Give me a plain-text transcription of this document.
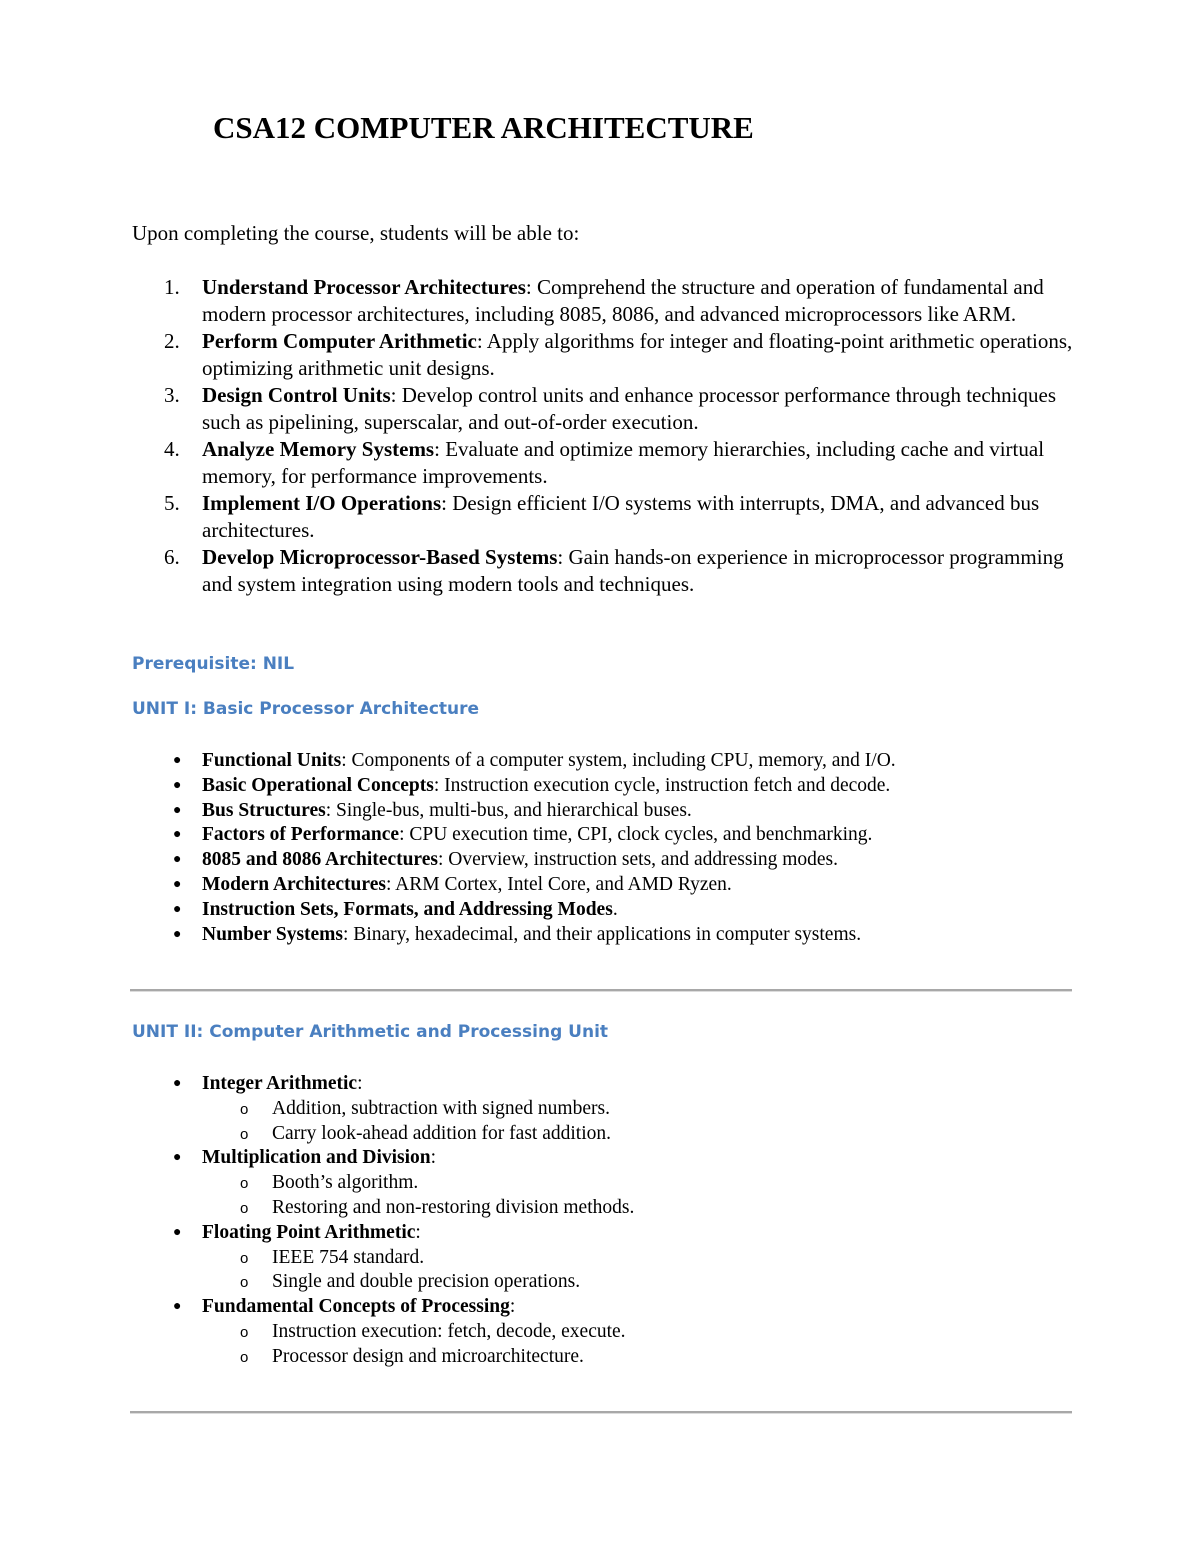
CSA12 COMPUTER ARCHITECTURE
Upon completing the course, students will be able to:
1. Understand Processor Architectures: Comprehend the structure and operation of fundamental and modern processor architectures, including 8085, 8086, and advanced microprocessors like ARM.
2. Perform Computer Arithmetic: Apply algorithms for integer and floating-point arithmetic operations, optimizing arithmetic unit designs.
3. Design Control Units: Develop control units and enhance processor performance through techniques such as pipelining, superscalar, and out-of-order execution.
4. Analyze Memory Systems: Evaluate and optimize memory hierarchies, including cache and virtual memory, for performance improvements.
5. Implement I/O Operations: Design efficient I/O systems with interrupts, DMA, and advanced bus architectures.
6. Develop Microprocessor-Based Systems: Gain hands-on experience in microprocessor programming and system integration using modern tools and techniques.
Prerequisite: NIL
UNIT I: Basic Processor Architecture
● Functional Units: Components of a computer system, including CPU, memory, and I/O.
● Basic Operational Concepts: Instruction execution cycle, instruction fetch and decode.
● Bus Structures: Single-bus, multi-bus, and hierarchical buses.
● Factors of Performance: CPU execution time, CPI, clock cycles, and benchmarking.
● 8085 and 8086 Architectures: Overview, instruction sets, and addressing modes.
● Modern Architectures: ARM Cortex, Intel Core, and AMD Ryzen.
● Instruction Sets, Formats, and Addressing Modes.
● Number Systems: Binary, hexadecimal, and their applications in computer systems.
UNIT II: Computer Arithmetic and Processing Unit
● Integer Arithmetic:
o Addition, subtraction with signed numbers.
o Carry look-ahead addition for fast addition.
● Multiplication and Division:
o Booth’s algorithm.
o Restoring and non-restoring division methods.
● Floating Point Arithmetic:
o IEEE 754 standard.
o Single and double precision operations.
● Fundamental Concepts of Processing:
o Instruction execution: fetch, decode, execute.
o Processor design and microarchitecture.
